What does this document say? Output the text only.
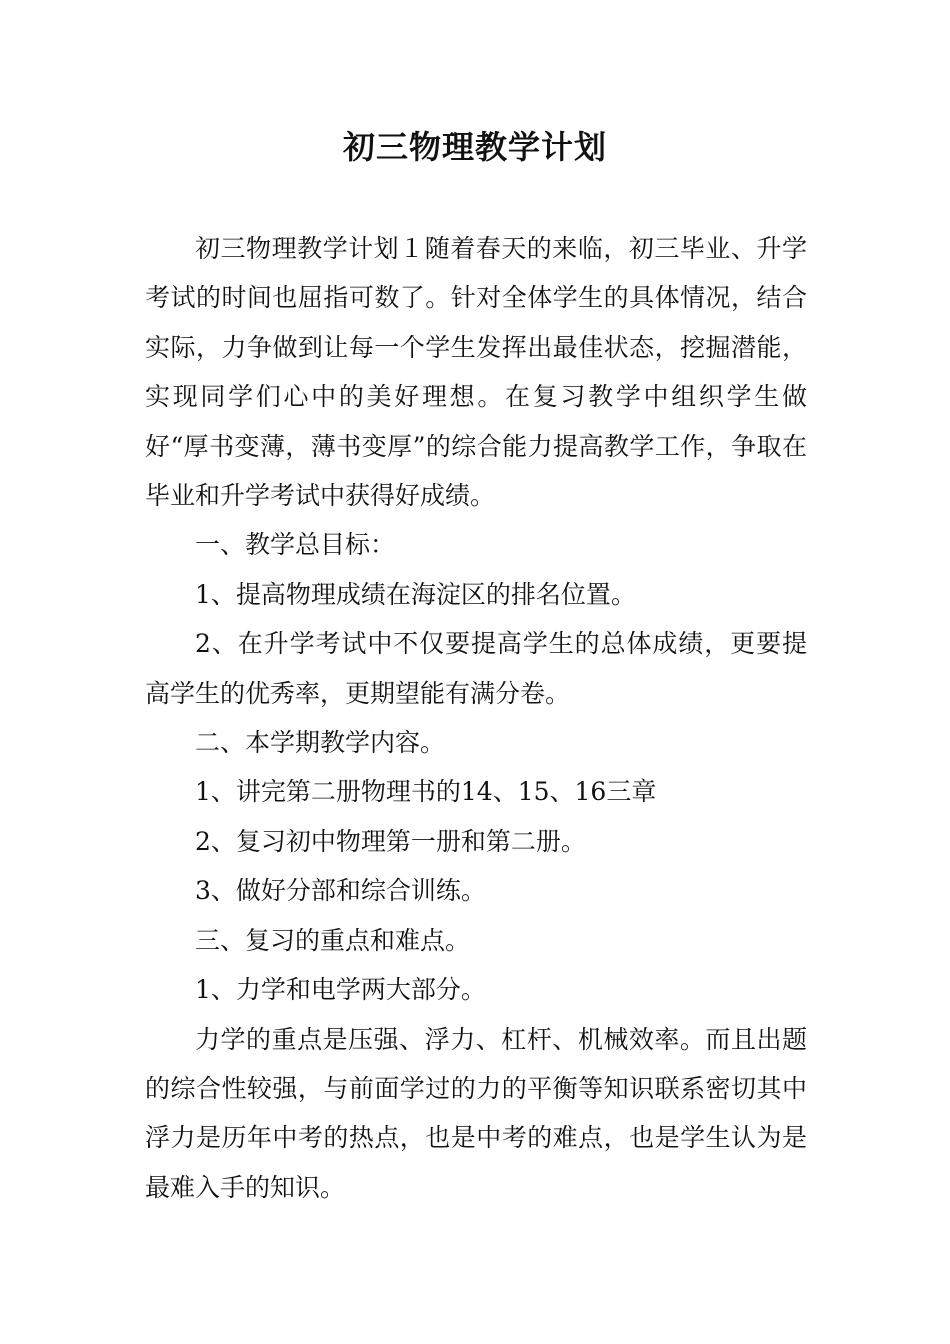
初三物理教学计划

初三物理教学计划１随着春天的来临，初三毕业、升学考试的时间也屈指可数了。针对全体学生的具体情况，结合实际，力争做到让每一个学生发挥出最佳状态，挖掘潜能，实现同学们心中的美好理想。在复习教学中组织学生做好“厚书变薄，薄书变厚”的综合能力提高教学工作，争取在毕业和升学考试中获得好成绩。

一、教学总目标：

1、提高物理成绩在海淀区的排名位置。

2、在升学考试中不仅要提高学生的总体成绩，更要提高学生的优秀率，更期望能有满分卷。

二、本学期教学内容。

1、讲完第二册物理书的14、15、16三章

2、复习初中物理第一册和第二册。

3、做好分部和综合训练。

三、复习的重点和难点。

1、力学和电学两大部分。

力学的重点是压强、浮力、杠杆、机械效率。而且出题的综合性较强，与前面学过的力的平衡等知识联系密切其中浮力是历年中考的热点，也是中考的难点，也是学生认为是最难入手的知识。
